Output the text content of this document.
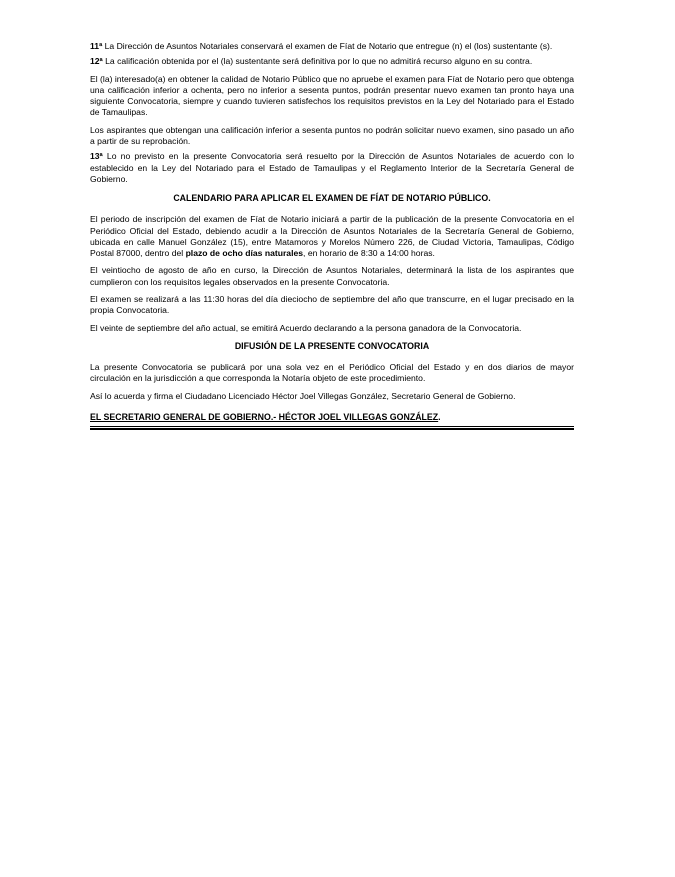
11ª La Dirección de Asuntos Notariales conservará el examen de Fíat de Notario que entregue (n) el (los) sustentante (s).

12ª La calificación obtenida por el (la) sustentante será definitiva por lo que no admitirá recurso alguno en su contra.

El (la) interesado(a) en obtener la calidad de Notario Público que no apruebe el examen para Fíat de Notario pero que obtenga una calificación inferior a ochenta, pero no inferior a sesenta puntos, podrán presentar nuevo examen tan pronto haya una siguiente Convocatoria, siempre y cuando tuvieren satisfechos los requisitos previstos en la Ley del Notariado para el Estado de Tamaulipas.

Los aspirantes que obtengan una calificación inferior a sesenta puntos no podrán solicitar nuevo examen, sino pasado un año a partir de su reprobación.

13ª Lo no previsto en la presente Convocatoria será resuelto por la Dirección de Asuntos Notariales de acuerdo con lo establecido en la Ley del Notariado para el Estado de Tamaulipas y el Reglamento Interior de la Secretaría General de Gobierno.

CALENDARIO PARA APLICAR EL EXAMEN DE FÍAT DE NOTARIO PÚBLICO.

El periodo de inscripción del examen de Fíat de Notario iniciará a partir de la publicación de la presente Convocatoria en el Periódico Oficial del Estado, debiendo acudir a la Dirección de Asuntos Notariales de la Secretaría General de Gobierno, ubicada en calle Manuel González (15), entre Matamoros y Morelos Número 226, de Ciudad Victoria, Tamaulipas, Código Postal 87000, dentro del plazo de ocho días naturales, en horario de 8:30 a 14:00 horas.

El veintiocho de agosto de año en curso, la Dirección de Asuntos Notariales, determinará la lista de los aspirantes que cumplieron con los requisitos legales observados en la presente Convocatoria.

El examen se realizará a las 11:30 horas del día dieciocho de septiembre del año que transcurre, en el lugar precisado en la propia Convocatoria.

El veinte de septiembre del año actual, se emitirá Acuerdo declarando a la persona ganadora de la Convocatoria.

DIFUSIÓN DE LA PRESENTE CONVOCATORIA

La presente Convocatoria se publicará por una sola vez en el Periódico Oficial del Estado y en dos diarios de mayor circulación en la jurisdicción a que corresponda la Notaría objeto de este procedimiento.

Así lo acuerda y firma el Ciudadano Licenciado Héctor Joel Villegas González, Secretario General de Gobierno.

EL SECRETARIO GENERAL DE GOBIERNO.- HÉCTOR JOEL VILLEGAS GONZÁLEZ.
